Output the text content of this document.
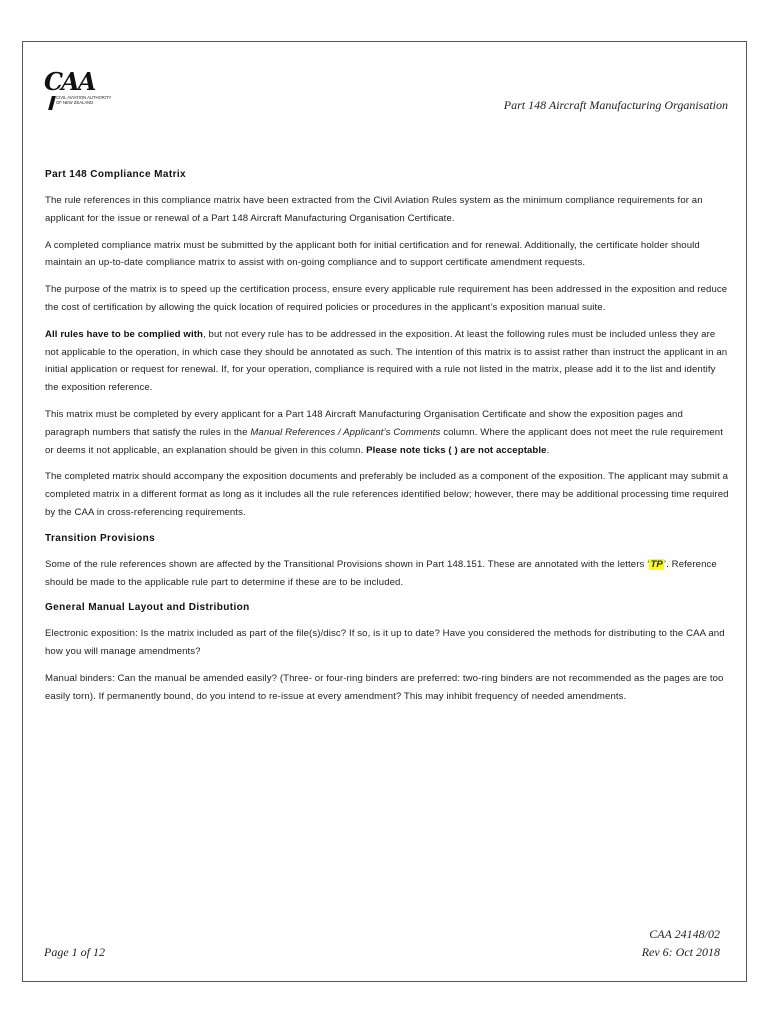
CAA
CIVIL AVIATION AUTHORITY
OF NEW ZEALAND	Part 148 Aircraft Manufacturing Organisation
Part 148 Compliance Matrix

The rule references in this compliance matrix have been extracted from the Civil Aviation Rules system as the minimum compliance requirements for an applicant for the issue or renewal of a Part 148 Aircraft Manufacturing Organisation Certificate.

A completed compliance matrix must be submitted by the applicant both for initial certification and for renewal. Additionally, the certificate holder should maintain an up-to-date compliance matrix to assist with on-going compliance and to support certificate amendment requests.

The purpose of the matrix is to speed up the certification process, ensure every applicable rule requirement has been addressed in the exposition and reduce the cost of certification by allowing the quick location of required policies or procedures in the applicant’s exposition manual suite.

All rules have to be complied with, but not every rule has to be addressed in the exposition. At least the following rules must be included unless they are not applicable to the operation, in which case they should be annotated as such. The intention of this matrix is to assist rather than instruct the applicant in an initial application or request for renewal. If, for your operation, compliance is required with a rule not listed in the matrix, please add it to the list and identify the exposition reference.

This matrix must be completed by every applicant for a Part 148 Aircraft Manufacturing Organisation Certificate and show the exposition pages and paragraph numbers that satisfy the rules in the Manual References / Applicant’s Comments column. Where the applicant does not meet the rule requirement or deems it not applicable, an explanation should be given in this column. Please note ticks ( ) are not acceptable.

The completed matrix should accompany the exposition documents and preferably be included as a component of the exposition. The applicant may submit a completed matrix in a different format as long as it includes all the rule references identified below; however, there may be additional processing time required by the CAA in cross-referencing requirements.

Transition Provisions

Some of the rule references shown are affected by the Transitional Provisions shown in Part 148.151. These are annotated with the letters ‘TP’. Reference should be made to the applicable rule part to determine if these are to be included.

General Manual Layout and Distribution

Electronic exposition: Is the matrix included as part of the file(s)/disc? If so, is it up to date? Have you considered the methods for distributing to the CAA and how you will manage amendments?

Manual binders: Can the manual be amended easily? (Three- or four-ring binders are preferred: two-ring binders are not recommended as the pages are too easily torn). If permanently bound, do you intend to re-issue at every amendment? This may inhibit frequency of needed amendments.

Page 1 of 12
CAA 24148/02
Rev 6: Oct 2018
